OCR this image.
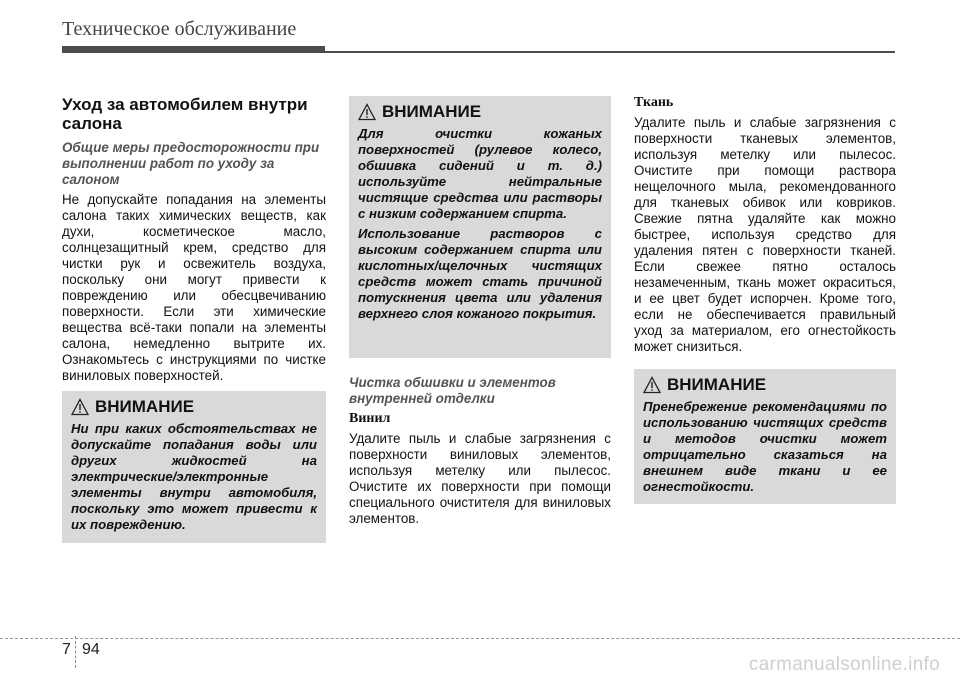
Техническое обслуживание
Уход за автомобилем внутри салона
Общие меры предосторожности при выполнении работ по уходу за салоном

Не допускайте попадания на элементы салона таких химических веществ, как духи, косметическое масло, солнцезащитный крем, средство для чистки рук и освежитель воздуха, поскольку они могут привести к повреждению или обесцвечиванию поверхности. Если эти химические вещества всё-таки попали на элементы салона, немедленно вытрите их. Ознакомьтесь с инструкциями по чистке виниловых поверхностей.

ВНИМАНИЕ

Ни при каких обстоятельствах не допускайте попадания воды или других жидкостей на электрические/электронные элементы внутри автомобиля, поскольку это может привести к их повреждению.

ВНИМАНИЕ

Для очистки кожаных поверхностей (рулевое колесо, обшивка сидений и т. д.) используйте нейтральные чистящие средства или растворы с низким содержанием спирта.

Использование растворов с высоким содержанием спирта или кислотных/щелочных чистящих средств может стать причиной потускнения цвета или удаления верхнего слоя кожаного покрытия.

Чистка обшивки и элементов внутренней отделки
Винил

Удалите пыль и слабые загрязнения с поверхности виниловых элементов, используя метелку или пылесос. Очистите их поверхности при помощи специального очистителя для виниловых элементов.

Ткань

Удалите пыль и слабые загрязнения с поверхности тканевых элементов, используя метелку или пылесос. Очистите при помощи раствора нещелочного мыла, рекомендованного для тканевых обивок или ковриков. Свежие пятна удаляйте как можно быстрее, используя средство для удаления пятен с поверхности тканей. Если свежее пятно осталось незамеченным, ткань может окраситься, и ее цвет будет испорчен. Кроме того, если не обеспечивается правильный уход за материалом, его огнестойкость может снизиться.

ВНИМАНИЕ

Пренебрежение рекомендациями по использованию чистящих средств и методов очистки может отрицательно сказаться на внешнем виде ткани и ее огнестойкости.

7 94
carmanualsonline.info
